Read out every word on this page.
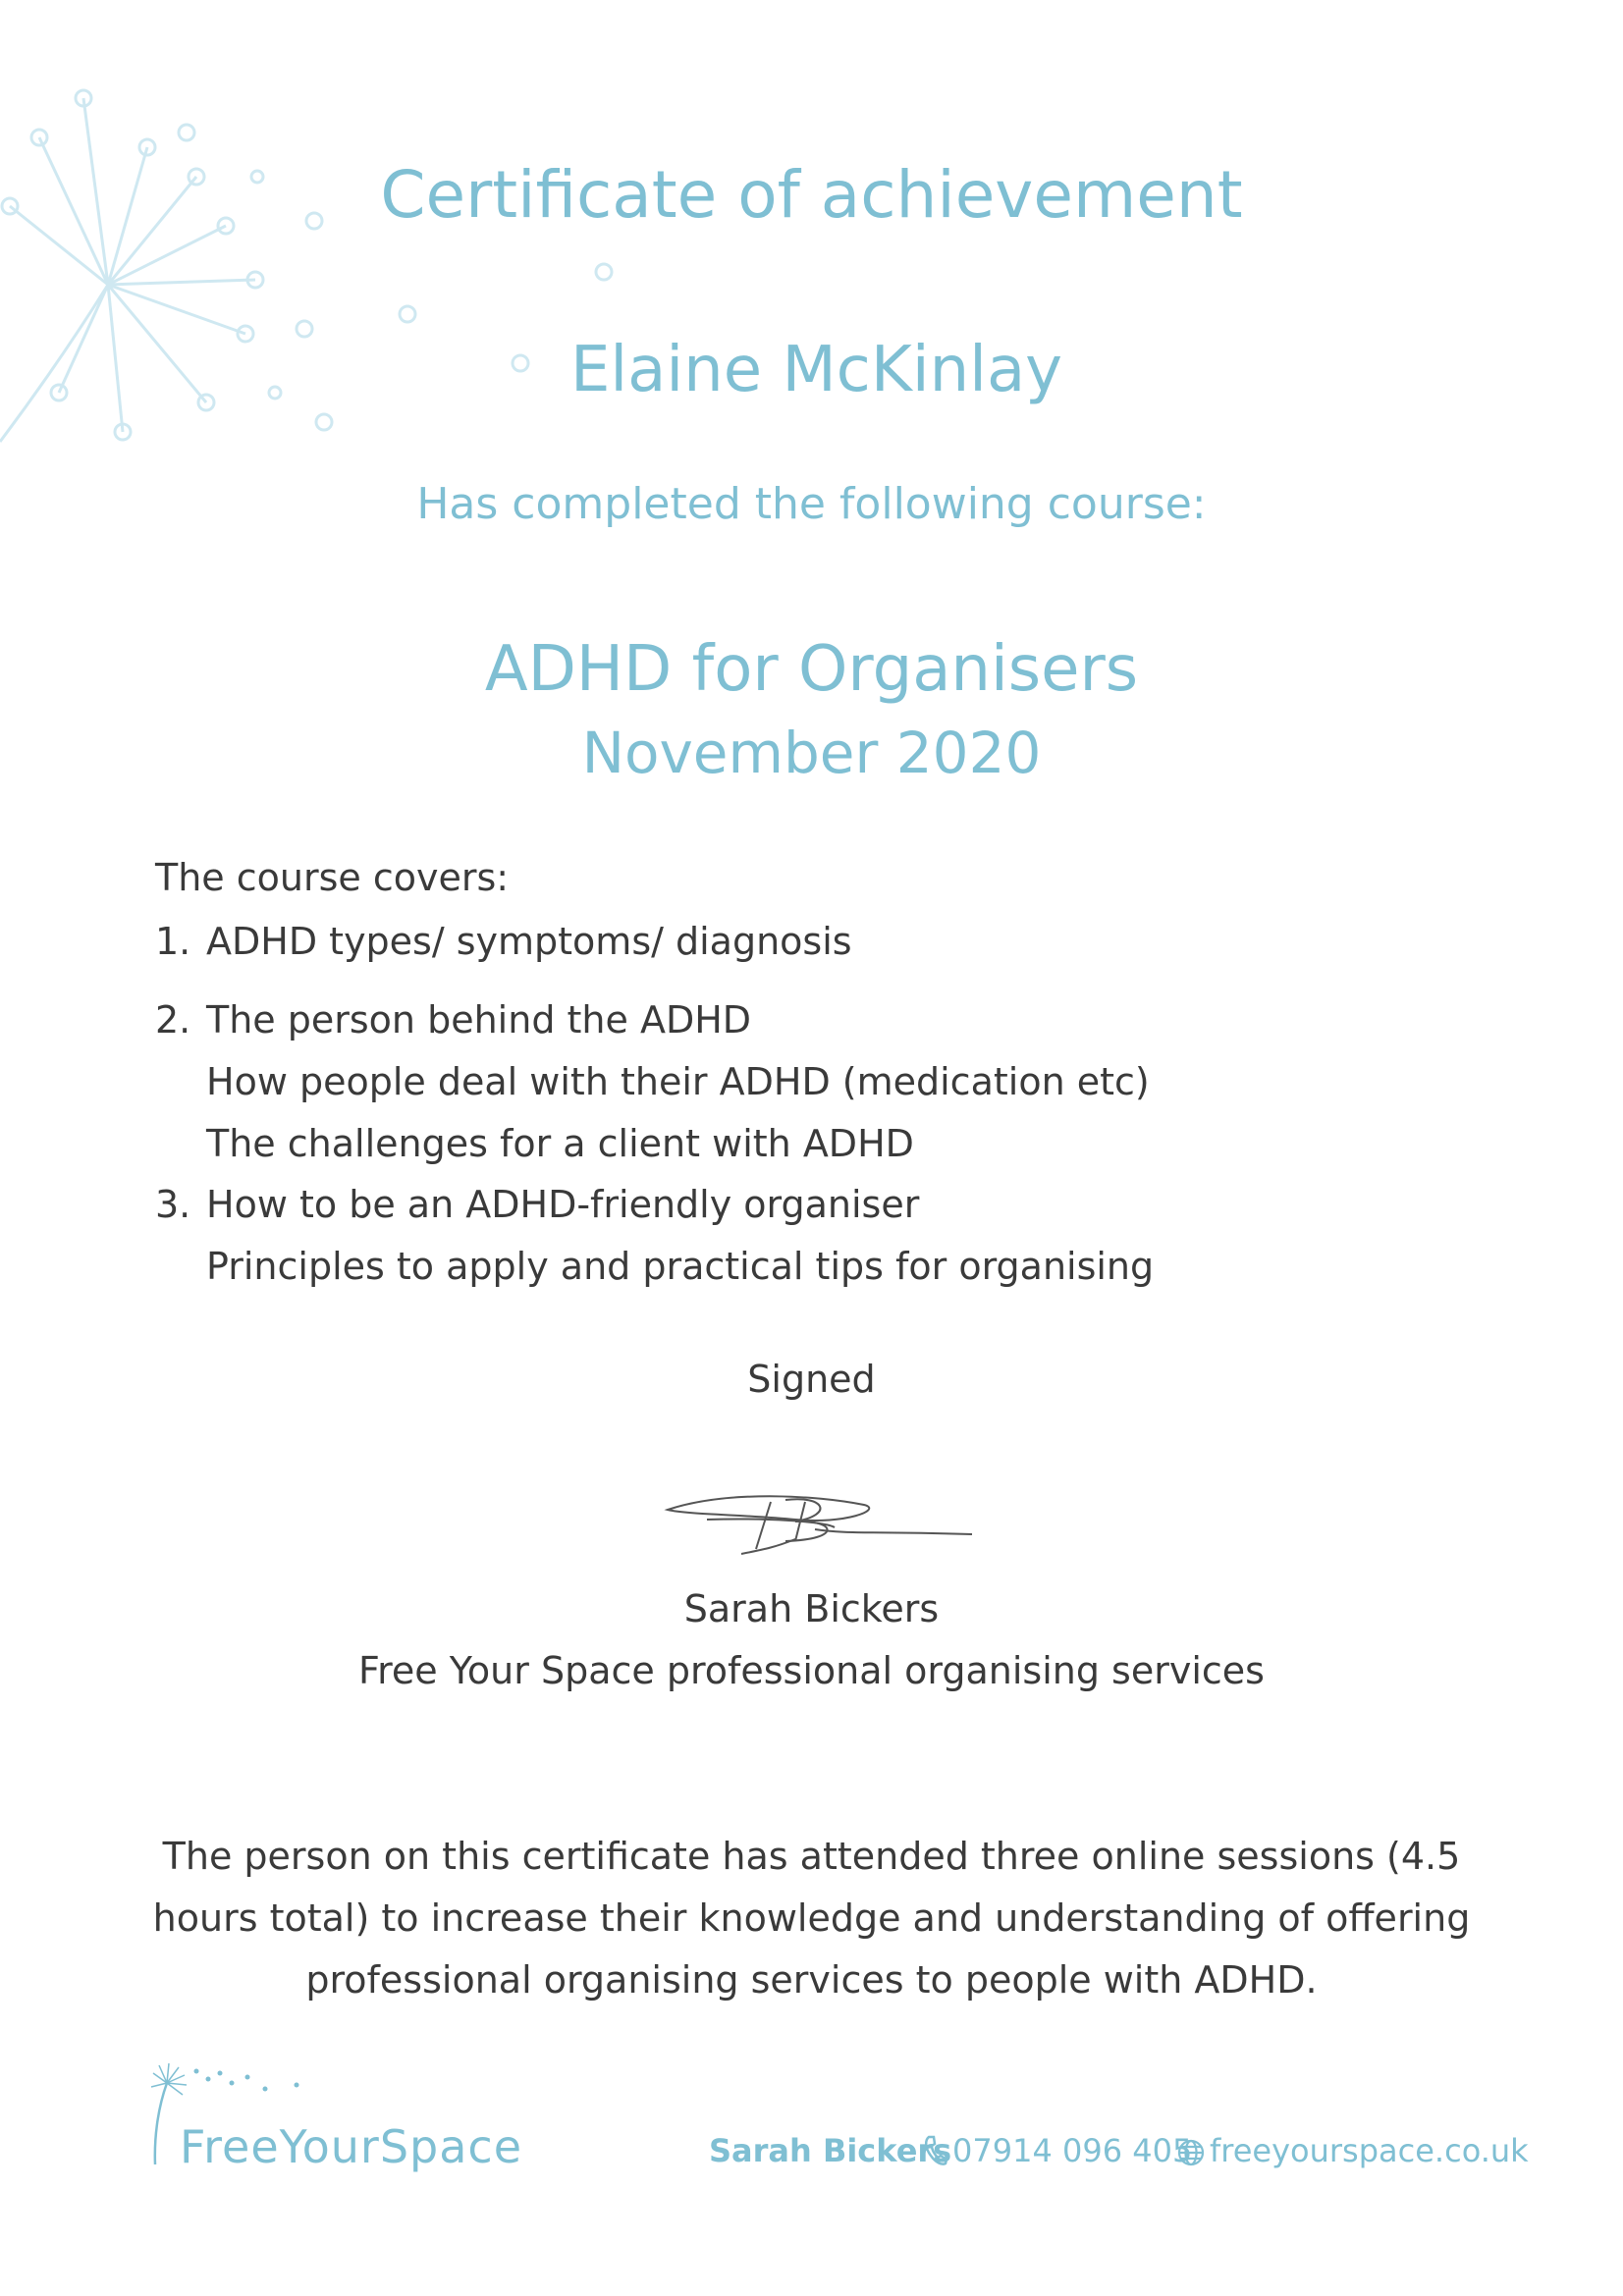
Certificate of achievement
Elaine McKinlay
Has completed the following course:
ADHD for Organisers
November 2020
The course covers:
1. ADHD types/ symptoms/ diagnosis
2. The person behind the ADHD
How people deal with their ADHD (medication etc)
The challenges for a client with ADHD
3. How to be an ADHD-friendly organiser
Principles to apply and practical tips for organising
Signed
Sarah Bickers
Free Your Space professional organising services
The person on this certificate has attended three online sessions (4.5 hours total) to increase their knowledge and understanding of offering professional organising services to people with ADHD.
FreeYourSpace	Sarah Bickers 07914 096 405 freeyourspace.co.uk
